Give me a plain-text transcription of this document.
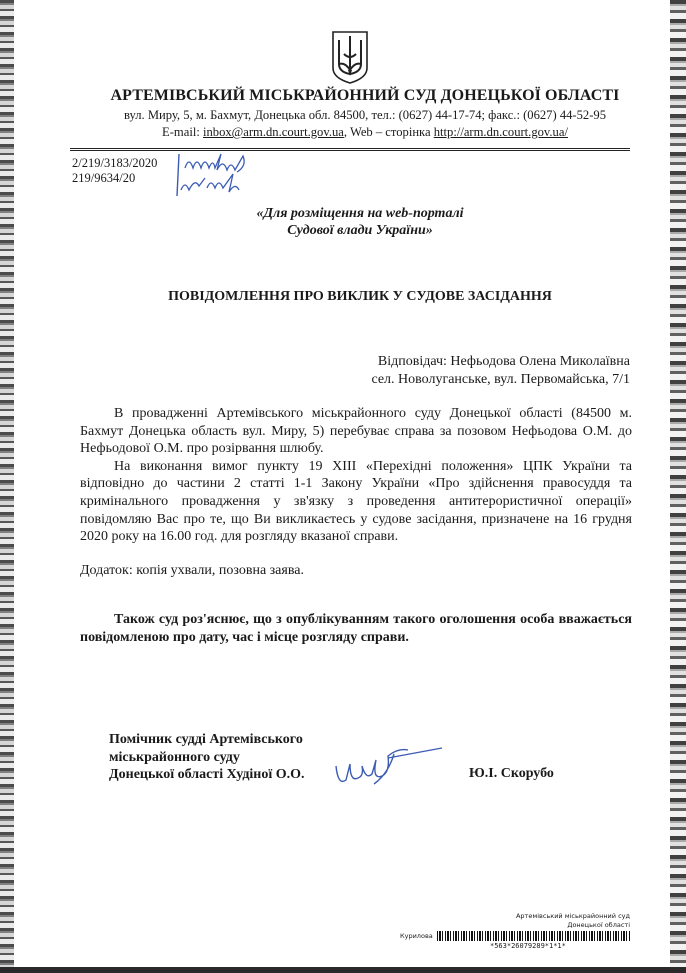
АРТЕМІВСЬКИЙ МІСЬКРАЙОННИЙ СУД ДОНЕЦЬКОЇ ОБЛАСТІ
вул. Миру, 5, м. Бахмут, Донецька обл. 84500, тел.: (0627) 44-17-74; факс.: (0627) 44-52-95
E-mail: inbox@arm.dn.court.gov.ua, Web – сторінка http://arm.dn.court.gov.ua/
2/219/3183/2020
219/9634/20
«Для розміщення на web-порталі
Судової влади України»
ПОВІДОМЛЕННЯ ПРО ВИКЛИК У СУДОВЕ ЗАСІДАННЯ
Відповідач: Нефьодова Олена Миколаївна
сел. Новолуганське, вул. Первомайська, 7/1

В провадженні Артемівського міськрайонного суду Донецької області (84500 м. Бахмут Донецька область вул. Миру, 5) перебуває справа за позовом Нефьодова О.М. до Нефьодової О.М. про розірвання шлюбу.

На виконання вимог пункту 19 ХІІІ «Перехідні положення» ЦПК України та відповідно до частини 2 статті 1-1 Закону України «Про здійснення правосуддя та кримінального провадження у зв'язку з проведення антитерористичної операції» повідомляю Вас про те, що Ви викликаєтесь у судове засідання, призначене на 16 грудня 2020 року на 16.00 год. для розгляду вказаної справи.

Додаток: копія ухвали, позовна заява.
Також суд роз'яснює, що з опублікуванням такого оголошення особа вважається повідомленою про дату, час і місце розгляду справи.
Помічник судді Артемівського
міськрайонного суду
Донецької області Худіної О.О.	Ю.І. Скорубо
Артемівський міськрайонний суд
Донецької області
Курилова
*563*26079289*1*1*
